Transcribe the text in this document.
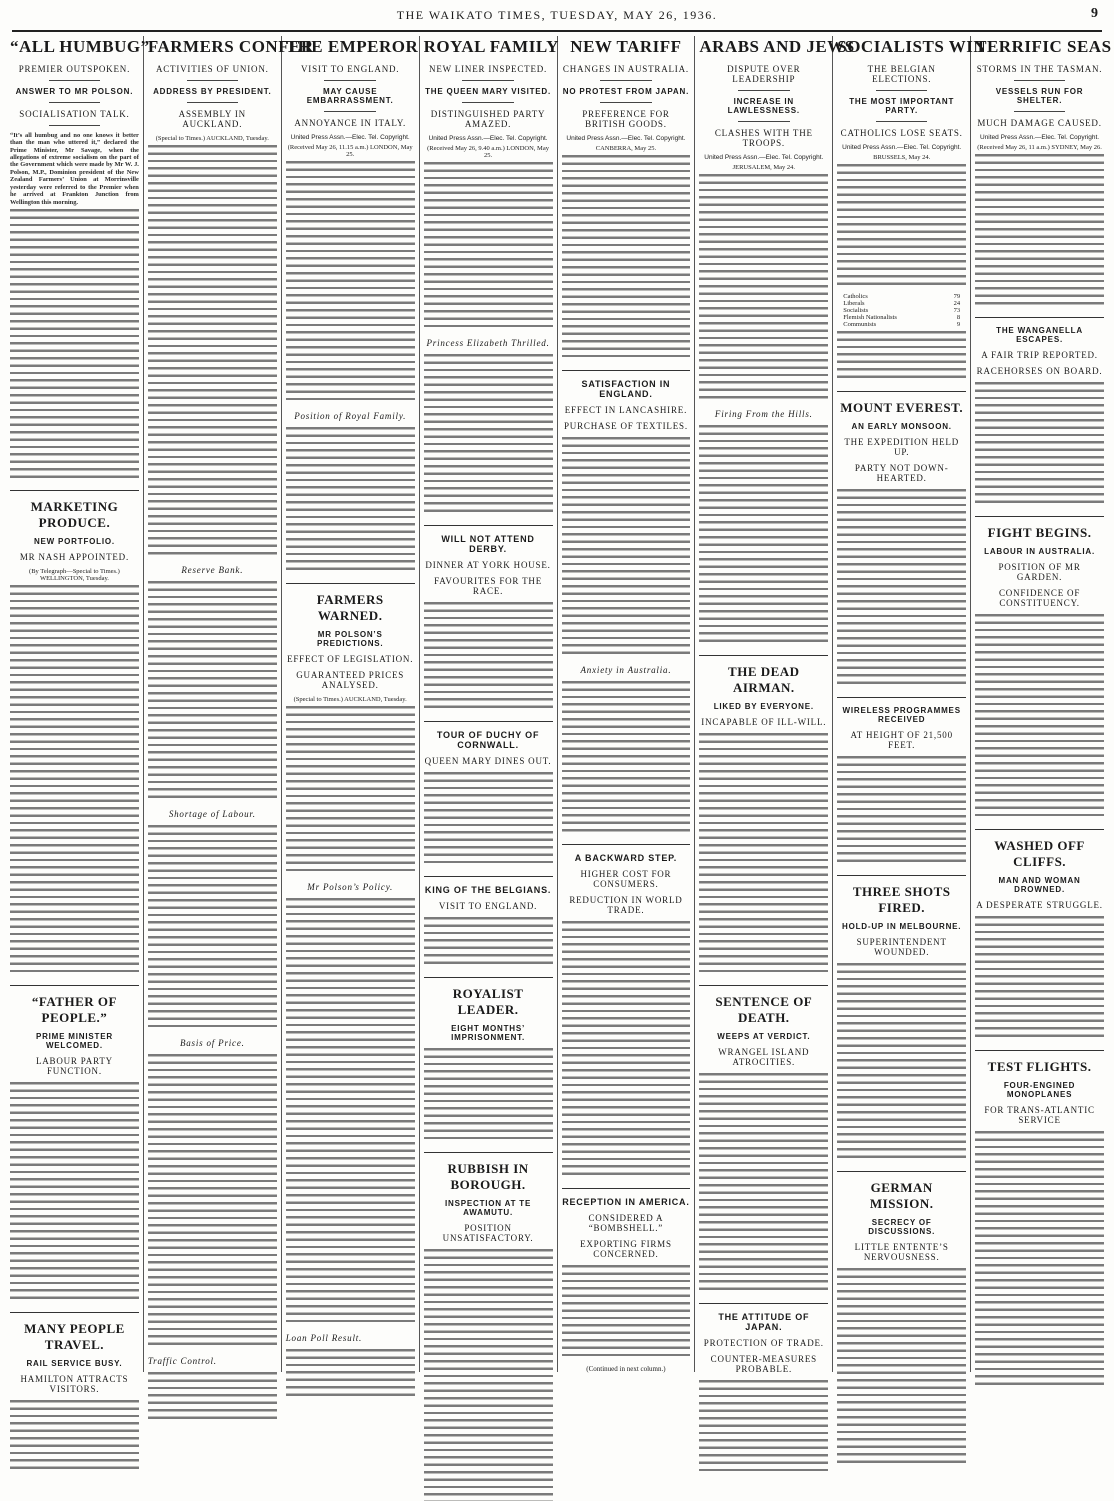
THE WAIKATO TIMES, TUESDAY, MAY 26, 1936.	9
“ALL HUMBUG”
PREMIER OUTSPOKEN.
ANSWER TO MR POLSON.
SOCIALISATION TALK.
“It’s all humbug and no one knows it better than the man who uttered it,” declared the Prime Minister, Mr Savage, when the allegations of extreme socialism on the part of the Government which were made by Mr W. J. Polson, M.P., Dominion president of the New Zealand Farmers’ Union at Morrinsville yesterday were referred to the Premier when he arrived at Frankton Junction from Wellington this morning.
MARKETING PRODUCE.
NEW PORTFOLIO.
MR NASH APPOINTED.
(By Telegraph—Special to Times.) WELLINGTON, Tuesday.
“FATHER OF PEOPLE.”
PRIME MINISTER WELCOMED.
LABOUR PARTY FUNCTION.
MANY PEOPLE TRAVEL.
RAIL SERVICE BUSY.
HAMILTON ATTRACTS VISITORS.
FARMERS CONFER
ACTIVITIES OF UNION.
ADDRESS BY PRESIDENT.
ASSEMBLY IN AUCKLAND.
(Special to Times.) AUCKLAND, Tuesday.
Reserve Bank.
Shortage of Labour.
Basis of Price.
Traffic Control.
THE EMPEROR
VISIT TO ENGLAND.
MAY CAUSE EMBARRASSMENT.
ANNOYANCE IN ITALY.
United Press Assn.—Elec. Tel. Copyright.
(Received May 26, 11.15 a.m.) LONDON, May 25.
Position of Royal Family.
FARMERS WARNED.
MR POLSON’S PREDICTIONS.
EFFECT OF LEGISLATION.
GUARANTEED PRICES ANALYSED.
(Special to Times.) AUCKLAND, Tuesday.
Mr Polson’s Policy.
Loan Poll Result.
ROYAL FAMILY
NEW LINER INSPECTED.
THE QUEEN MARY VISITED.
DISTINGUISHED PARTY AMAZED.
United Press Assn.—Elec. Tel. Copyright.
(Received May 26, 9.40 a.m.) LONDON, May 25.
Princess Elizabeth Thrilled.
WILL NOT ATTEND DERBY.
DINNER AT YORK HOUSE.
FAVOURITES FOR THE RACE.
TOUR OF DUCHY OF CORNWALL.
QUEEN MARY DINES OUT.
KING OF THE BELGIANS.
VISIT TO ENGLAND.
ROYALIST LEADER.
EIGHT MONTHS’ IMPRISONMENT.
RUBBISH IN BOROUGH.
INSPECTION AT TE AWAMUTU.
POSITION UNSATISFACTORY.
NEW TARIFF
CHANGES IN AUSTRALIA.
NO PROTEST FROM JAPAN.
PREFERENCE FOR BRITISH GOODS.
United Press Assn.—Elec. Tel. Copyright.
CANBERRA, May 25.
SATISFACTION IN ENGLAND.
EFFECT IN LANCASHIRE.
PURCHASE OF TEXTILES.
Anxiety in Australia.
A BACKWARD STEP.
HIGHER COST FOR CONSUMERS.
REDUCTION IN WORLD TRADE.
RECEPTION IN AMERICA.
CONSIDERED A “BOMBSHELL.”
EXPORTING FIRMS CONCERNED.
(Continued in next column.)
ARABS AND JEWS
DISPUTE OVER LEADERSHIP
INCREASE IN LAWLESSNESS.
CLASHES WITH THE TROOPS.
United Press Assn.—Elec. Tel. Copyright.
JERUSALEM, May 24.
Firing From the Hills.
THE DEAD AIRMAN.
LIKED BY EVERYONE.
INCAPABLE OF ILL-WILL.
SENTENCE OF DEATH.
WEEPS AT VERDICT.
WRANGEL ISLAND ATROCITIES.
THE ATTITUDE OF JAPAN.
PROTECTION OF TRADE.
COUNTER-MEASURES PROBABLE.
SOCIALISTS WIN
THE BELGIAN ELECTIONS.
THE MOST IMPORTANT PARTY.
CATHOLICS LOSE SEATS.
United Press Assn.—Elec. Tel. Copyright.
BRUSSELS, May 24.
Catholics	79
Liberals	24
Socialists	73
Flemish Nationalists	8
Communists	9
MOUNT EVEREST.
AN EARLY MONSOON.
THE EXPEDITION HELD UP.
PARTY NOT DOWN-HEARTED.
WIRELESS PROGRAMMES RECEIVED
AT HEIGHT OF 21,500 FEET.
THREE SHOTS FIRED.
HOLD-UP IN MELBOURNE.
SUPERINTENDENT WOUNDED.
GERMAN MISSION.
SECRECY OF DISCUSSIONS.
LITTLE ENTENTE’S NERVOUSNESS.
TERRIFIC SEAS
STORMS IN THE TASMAN.
VESSELS RUN FOR SHELTER.
MUCH DAMAGE CAUSED.
United Press Assn.—Elec. Tel. Copyright.
(Received May 26, 11 a.m.) SYDNEY, May 26.
THE WANGANELLA ESCAPES.
A FAIR TRIP REPORTED.
RACEHORSES ON BOARD.
FIGHT BEGINS.
LABOUR IN AUSTRALIA.
POSITION OF MR GARDEN.
CONFIDENCE OF CONSTITUENCY.
WASHED OFF CLIFFS.
MAN AND WOMAN DROWNED.
A DESPERATE STRUGGLE.
TEST FLIGHTS.
FOUR-ENGINED MONOPLANES
FOR TRANS-ATLANTIC SERVICE
